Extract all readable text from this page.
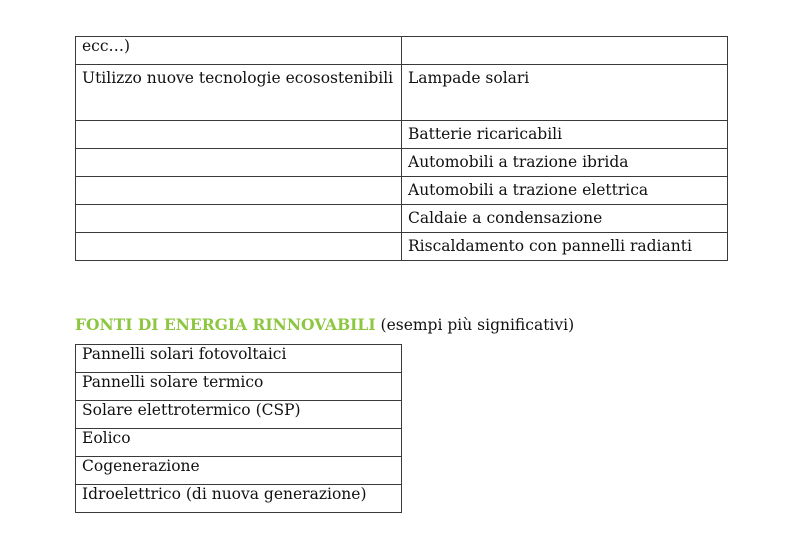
ecc…)	
Utilizzo nuove tecnologie ecosostenibili	Lampade solari
	Batterie ricaricabili
	Automobili a trazione ibrida
	Automobili a trazione elettrica
	Caldaie a condensazione
	Riscaldamento con pannelli radianti

FONTI DI ENERGIA RINNOVABILI (esempi più significativi)

Pannelli solari fotovoltaici
Pannelli solare termico
Solare elettrotermico (CSP)
Eolico
Cogenerazione
Idroelettrico (di nuova generazione)
